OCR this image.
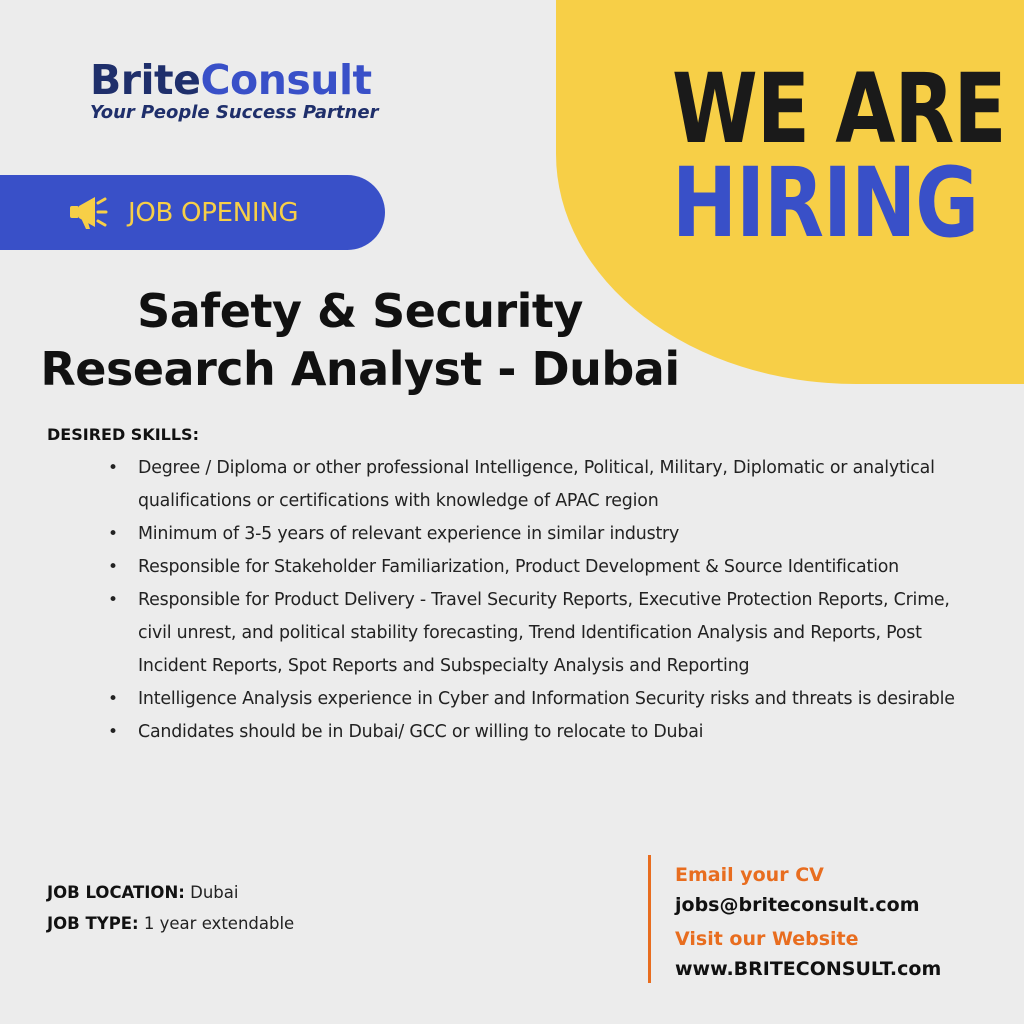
BriteConsult
Your People Success Partner	WE ARE
HIRING
JOB OPENING
Safety & Security
Research Analyst - Dubai
DESIRED SKILLS:
• Degree / Diploma or other professional Intelligence, Political, Military, Diplomatic or analytical qualifications or certifications with knowledge of APAC region
• Minimum of 3-5 years of relevant experience in similar industry
• Responsible for Stakeholder Familiarization, Product Development & Source Identification
• Responsible for Product Delivery - Travel Security Reports, Executive Protection Reports, Crime, civil unrest, and political stability forecasting, Trend Identification Analysis and Reports, Post Incident Reports, Spot Reports and Subspecialty Analysis and Reporting
• Intelligence Analysis experience in Cyber and Information Security risks and threats is desirable
• Candidates should be in Dubai/ GCC or willing to relocate to Dubai
JOB LOCATION: Dubai
JOB TYPE: 1 year extendable
Email your CV
jobs@briteconsult.com
Visit our Website
www.BRITECONSULT.com
